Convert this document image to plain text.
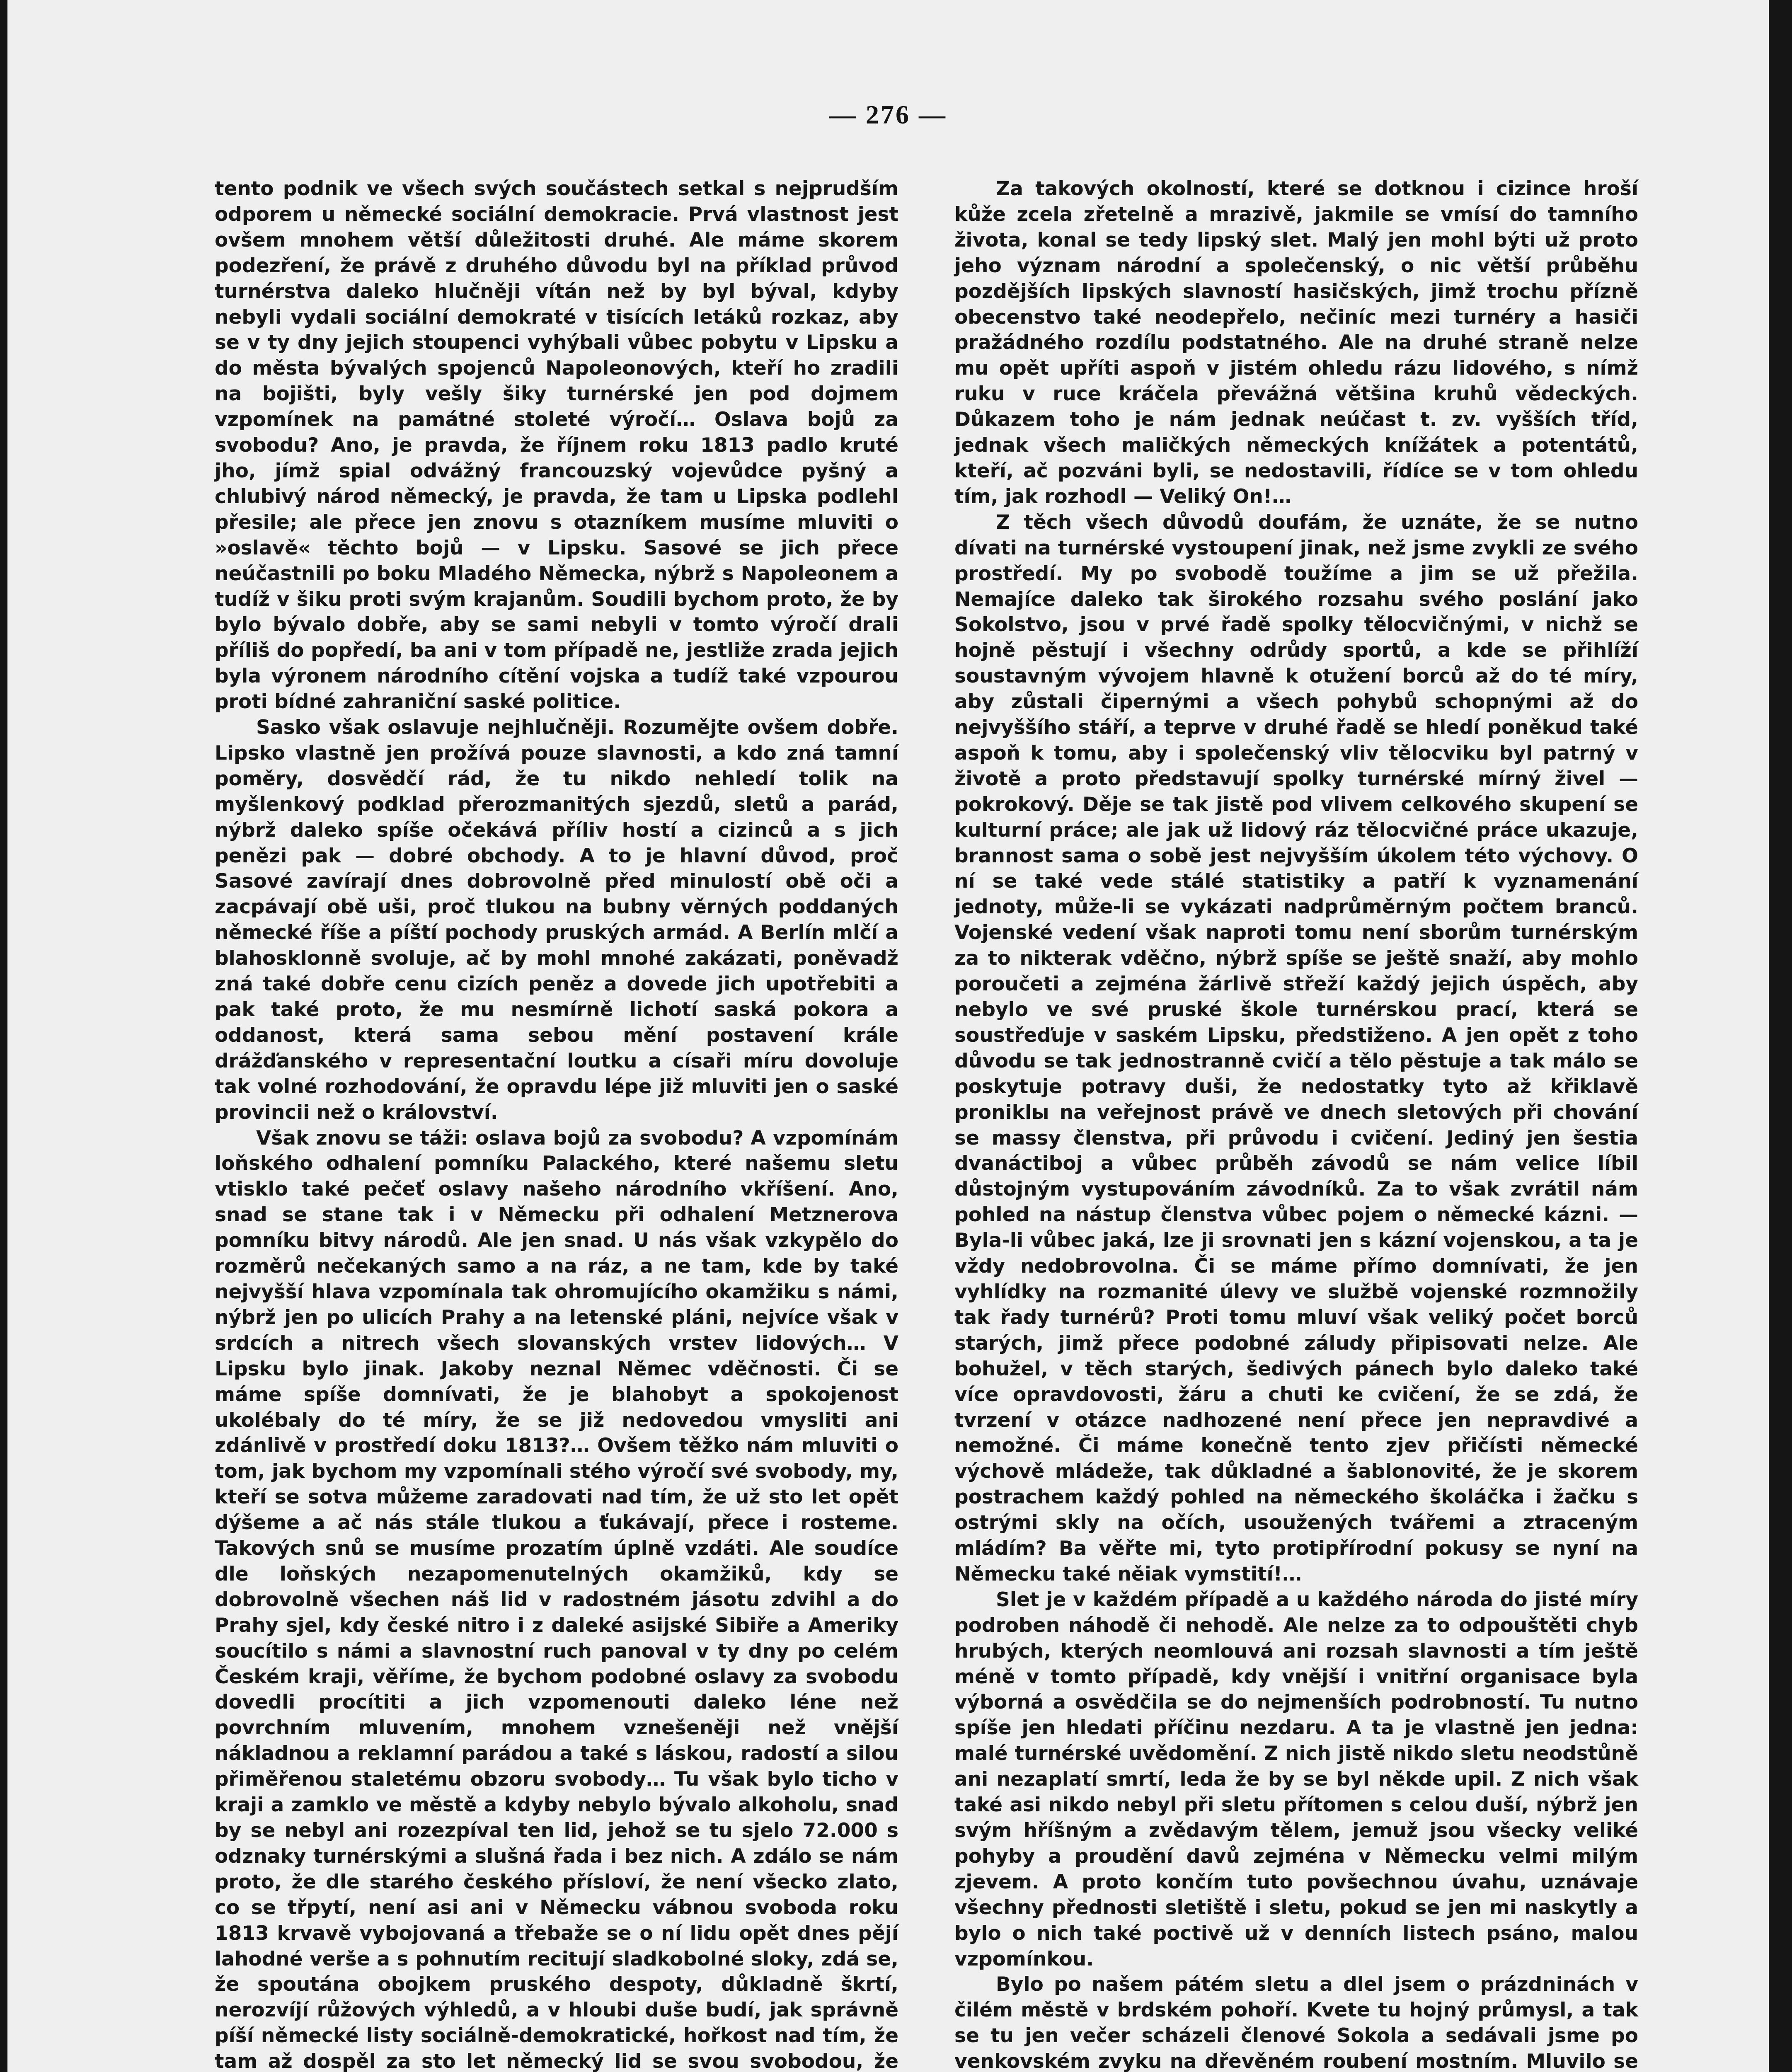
— 276 —

tento podnik ve všech svých součástech setkal s nejprudším odporem u německé sociální demokracie. Prvá vlastnost jest ovšem mnohem větší důležitosti druhé. Ale máme skorem podezření, že právě z druhého důvodu byl na příklad průvod turnérstva daleko hlučněji vítán než by byl býval, kdyby nebyli vydali sociální demokraté v tisících letáků rozkaz, aby se v ty dny jejich stoupenci vyhýbali vůbec pobytu v Lipsku a do města bývalých spojenců Napoleonových, kteří ho zradili na bojišti, byly vešly šiky turnérské jen pod dojmem vzpomínek na památné stoleté výročí… Oslava bojů za svobodu? Ano, je pravda, že říjnem roku 1813 padlo kruté jho, jímž spial odvážný francouzský vojevůdce pyšný a chlubivý národ německý, je pravda, že tam u Lipska podlehl přesile; ale přece jen znovu s otazníkem musíme mluviti o »oslavě« těchto bojů — v Lipsku. Sasové se jich přece neúčastnili po boku Mladého Německa, nýbrž s Napoleonem a tudíž v šiku proti svým krajanům. Soudili bychom proto, že by bylo bývalo dobře, aby se sami nebyli v tomto výročí drali příliš do popředí, ba ani v tom případě ne, jestliže zrada jejich byla výronem národního cítění vojska a tudíž také vzpourou proti bídné zahraniční saské politice.

Sasko však oslavuje nejhlučněji. Rozumějte ovšem dobře. Lipsko vlastně jen prožívá pouze slavnosti, a kdo zná tamní poměry, dosvědčí rád, že tu nikdo nehledí tolik na myšlenkový podklad přerozmanitých sjezdů, sletů a parád, nýbrž daleko spíše očekává příliv hostí a cizinců a s jich penězi pak — dobré obchody. A to je hlavní důvod, proč Sasové zavírají dnes dobrovolně před minulostí obě oči a zacpávají obě uši, proč tlukou na bubny věrných poddaných německé říše a píští pochody pruských armád. A Berlín mlčí a blahosklonně svoluje, ač by mohl mnohé zakázati, poněvadž zná také dobře cenu cizích peněz a dovede jich upotřebiti a pak také proto, že mu nesmírně lichotí saská pokora a oddanost, která sama sebou mění postavení krále drážďanského v representační loutku a císaři míru dovoluje tak volné rozhodování, že opravdu lépe již mluviti jen o saské provincii než o království.

Však znovu se táži: oslava bojů za svobodu? A vzpomínám loňského odhalení pomníku Palackého, které našemu sletu vtisklo také pečeť oslavy našeho národního vkříšení. Ano, snad se stane tak i v Německu při odhalení Metznerova pomníku bitvy národů. Ale jen snad. U nás však vzkypělo do rozměrů nečekaných samo a na ráz, a ne tam, kde by také nejvyšší hlava vzpomínala tak ohromujícího okamžiku s námi, nýbrž jen po ulicích Prahy a na letenské pláni, nejvíce však v srdcích a nitrech všech slovanských vrstev lidových… V Lipsku bylo jinak. Jakoby neznal Němec vděčnosti. Či se máme spíše domnívati, že je blahobyt a spokojenost ukolébaly do té míry, že se již nedovedou vmysliti ani zdánlivě v prostředí doku 1813?… Ovšem těžko nám mluviti o tom, jak bychom my vzpomínali stého výročí své svobody, my, kteří se sotva můžeme zaradovati nad tím, že už sto let opět dýšeme a ač nás stále tlukou a ťukávají, přece i rosteme. Takových snů se musíme prozatím úplně vzdáti. Ale soudíce dle loňských nezapomenutelných okamžiků, kdy se dobrovolně všechen náš lid v radostném jásotu zdvihl a do Prahy sjel, kdy české nitro i z daleké asijské Sibiře a Ameriky soucítilo s námi a slavnostní ruch panoval v ty dny po celém Českém kraji, věříme, že bychom podobné oslavy za svobodu dovedli procítiti a jich vzpomenouti daleko léne než povrchním mluvením, mnohem vznešeněji než vnější nákladnou a reklamní parádou a také s láskou, radostí a silou přiměřenou staletému obzoru svobody… Tu však bylo ticho v kraji a zamklo ve městě a kdyby nebylo bývalo alkoholu, snad by se nebyl ani rozezpíval ten lid, jehož se tu sjelo 72.000 s odznaky turnérskými a slušná řada i bez nich. A zdálo se nám proto, že dle starého českého přísloví, že není všecko zlato, co se třpytí, není asi ani v Německu vábnou svoboda roku 1813 krvavě vybojovaná a třebaže se o ní lidu opět dnes pějí lahodné verše a s pohnutím recitují sladkobolné sloky, zdá se, že spoutána obojkem pruského despoty, důkladně škrtí, nerozvíjí růžových výhledů, a v hloubi duše budí, jak správně píší německé listy sociálně-demokratické, hořkost nad tím, že tam až dospěl za sto let německý lid se svou svobodou, že

Za takových okolností, které se dotknou i cizince hroší kůže zcela zřetelně a mrazivě, jakmile se vmísí do tamního života, konal se tedy lipský slet. Malý jen mohl býti už proto jeho význam národní a společenský, o nic větší průběhu pozdějších lipských slavností hasičských, jimž trochu přízně obecenstvo také neodepřelo, nečiníc mezi turnéry a hasiči pražádného rozdílu podstatného. Ale na druhé straně nelze mu opět upříti aspoň v jistém ohledu rázu lidového, s nímž ruku v ruce kráčela převážná většina kruhů vědeckých. Důkazem toho je nám jednak neúčast t. zv. vyšších tříd, jednak všech maličkých německých knížátek a potentátů, kteří, ač pozváni byli, se nedostavili, řídíce se v tom ohledu tím, jak rozhodl — Veliký On!…

Z těch všech důvodů doufám, že uznáte, že se nutno dívati na turnérské vystoupení jinak, než jsme zvykli ze svého prostředí. My po svobodě toužíme a jim se už přežila. Nemajíce daleko tak širokého rozsahu svého poslání jako Sokolstvo, jsou v prvé řadě spolky tělocvičnými, v nichž se hojně pěstují i všechny odrůdy sportů, a kde se přihlíží soustavným vývojem hlavně k otužení borců až do té míry, aby zůstali čipernými a všech pohybů schopnými až do nejvyššího stáří, a teprve v druhé řadě se hledí poněkud také aspoň k tomu, aby i společenský vliv tělocviku byl patrný v životě a proto představují spolky turnérské mírný živel — pokrokový. Děje se tak jistě pod vlivem celkového skupení se kulturní práce; ale jak už lidový ráz tělocvičné práce ukazuje, brannost sama o sobě jest nejvyšším úkolem této výchovy. O ní se také vede stálé statistiky a patří k vyznamenání jednoty, může-li se vykázati nadprůměrným počtem branců. Vojenské vedení však naproti tomu není sborům turnérským za to nikterak vděčno, nýbrž spíše se ještě snaží, aby mohlo poroučeti a zejména žárlivě střeží každý jejich úspěch, aby nebylo ve své pruské škole turnérskou prací, která se soustřeďuje v saském Lipsku, předstiženo. A jen opět z toho důvodu se tak jednostranně cvičí a tělo pěstuje a tak málo se poskytuje potravy duši, že nedostatky tyto až křiklavě proniklы na veřejnost právě ve dnech sletových při chování se massy členstva, při průvodu i cvičení. Jediný jen šestia dvanáctiboj a vůbec průběh závodů se nám velice líbil důstojným vystupováním závodníků. Za to však zvrátil nám pohled na nástup členstva vůbec pojem o německé kázni. — Byla-li vůbec jaká, lze ji srovnati jen s kázní vojenskou, a ta je vždy nedobrovolna. Či se máme přímo domnívati, že jen vyhlídky na rozmanité úlevy ve službě vojenské rozmnožily tak řady turnérů? Proti tomu mluví však veliký počet borců starých, jimž přece podobné záludy připisovati nelze. Ale bohužel, v těch starých, šedivých pánech bylo daleko také více opravdovosti, žáru a chuti ke cvičení, že se zdá, že tvrzení v otázce nadhozené není přece jen nepravdivé a nemožné. Či máme konečně tento zjev přičísti německé výchově mládeže, tak důkladné a šablonovité, že je skorem postrachem každý pohled na německého školáčka i žačku s ostrými skly na očích, usoužených tvářemi a ztraceným mládím? Ba věřte mi, tyto protipřírodní pokusy se nyní na Německu také něiak vymstití!…

Slet je v každém případě a u každého národa do jisté míry podroben náhodě či nehodě. Ale nelze za to odpouštěti chyb hrubých, kterých neomlouvá ani rozsah slavnosti a tím ještě méně v tomto případě, kdy vnější i vnitřní organisace byla výborná a osvědčila se do nejmenších podrobností. Tu nutno spíše jen hledati příčinu nezdaru. A ta je vlastně jen jedna: malé turnérské uvědomění. Z nich jistě nikdo sletu neodstůně ani nezaplatí smrtí, leda že by se byl někde upil. Z nich však také asi nikdo nebyl při sletu přítomen s celou duší, nýbrž jen svým hříšným a zvědavým tělem, jemuž jsou všecky veliké pohyby a proudění davů zejména v Německu velmi milým zjevem. A proto končím tuto povšechnou úvahu, uznávaje všechny přednosti sletiště i sletu, pokud se jen mi naskytly a bylo o nich také poctivě už v denních listech psáno, malou vzpomínkou.

Bylo po našem pátém sletu a dlel jsem o prázdninách v čilém městě v brdském pohoří. Kvete tu hojný průmysl, a tak se tu jen večer scházeli členové Sokola a sedávali jsme po venkovském zvyku na dřevěném roubení mostním. Mluvilo se
